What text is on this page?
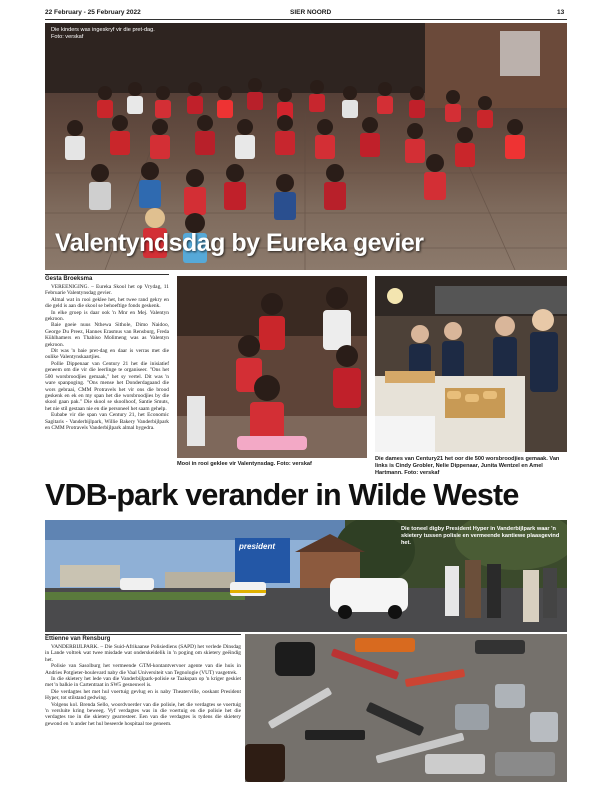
22 February - 25 February 2022	SIER NOORD	13
Die kinders was ingeskryf vir die pret-dag. Foto: verskaf
Valentyndsdag by Eureka gevier
Gesta Broeksma

VEREENIGING. – Eureka Skool het op Vrydag, 11 Februarie Valentynsdag gevier.

Almal wat in rooi geklee het, het twee rand gekry en die geld is aan die skool se behoeftige fonds geskenk.

In elke groep is daar ook 'n Mnr en Mej. Valentyn gekroon.

Baie goeie nuus Nthewa Sithole, Dimo Naidoo, George Du Preez, Hannes Erasmus van Rensburg, Freda Kühlhamers en Thabiso Molimeng was as Valentyn gekroon.

Dit was 'n baie pret-dag en daar is verras met die oulike Valentynskaartjies.

Pollie Dippenaar van Century 21 het die inisiatief geneem om die vir die leerlinge te organiseer. "Ons het 500 worsbroodjies gemaak," het sy vertel. Dit was 'n ware spanpoging. "Ons mense het Donderdagaand die wors gebraai, CMM Protravels het vir ons die brood geskenk en ek en my span het die worsbroodjies by die skool gaan pak." Die skool se skoolhoof, Santie Smuts, het nie stil gestaan nie en die personeel het saam gehelp.

Eubabe vir die span van Century 21, het Economic Sagitaris - Vanderbijlpark, Willie Bakery Vanderbijlpark en CMM Protravels Vanderbijlpark almal bygedra.

Mooi in rooi geklee vir Valentynsdag. Foto: verskaf
Die dames van Century21 het oor die 500 worsbroodjies gemaak. Van links is Cindy Grobler, Nelie Dippenaar, Junita Wentzel en Amel Hartmann. Foto: verskaf
VDB-park verander in Wilde Weste
president
Die toneel digby President Hyper in Vanderbijlpark waar 'n skietery tussen polisie en vermeende kantiewe plaasgevind het.
Ettienne van Rensburg

VANDERBIJLPARK. – Die Suid-Afrikaanse Polisiediens (SAPD) het verlede Dinsdag in Lande voltrek wat twee misdade wat onderskeidelik in 'n poging om skietery geëindig het.

Polisie van Sasolburg het vermeende GTM-kontantvervoer agente van die huis in Andries Potgieter-boulevard naby die Vaal Universiteit van Tegnologie (VUT) vasgetrek.

In die skietery het lede van die Vanderbijlpark-polisie se Taakspan op 'n kriger geskiet met 'n balkie in Cartentraat in SW5 gesneuwel is.

Die verdagtes het met hul voertuig gevlug en is naby Theaterville, ooskant President Hyper, tot stilstand gedwing.

Volgens kol. Brenda Sello, woordvoerder van die polisie, het die verdagtes se voertuig 'n versluite kring beweeg. Vyf verdagtes was in die voertuig en die polisie het die verdagtes toe in die skietery gearresteer. Een van die verdagtes is tydens die skietery gewond en 'n ander het hul beseerde hospitaal toe geneem.
